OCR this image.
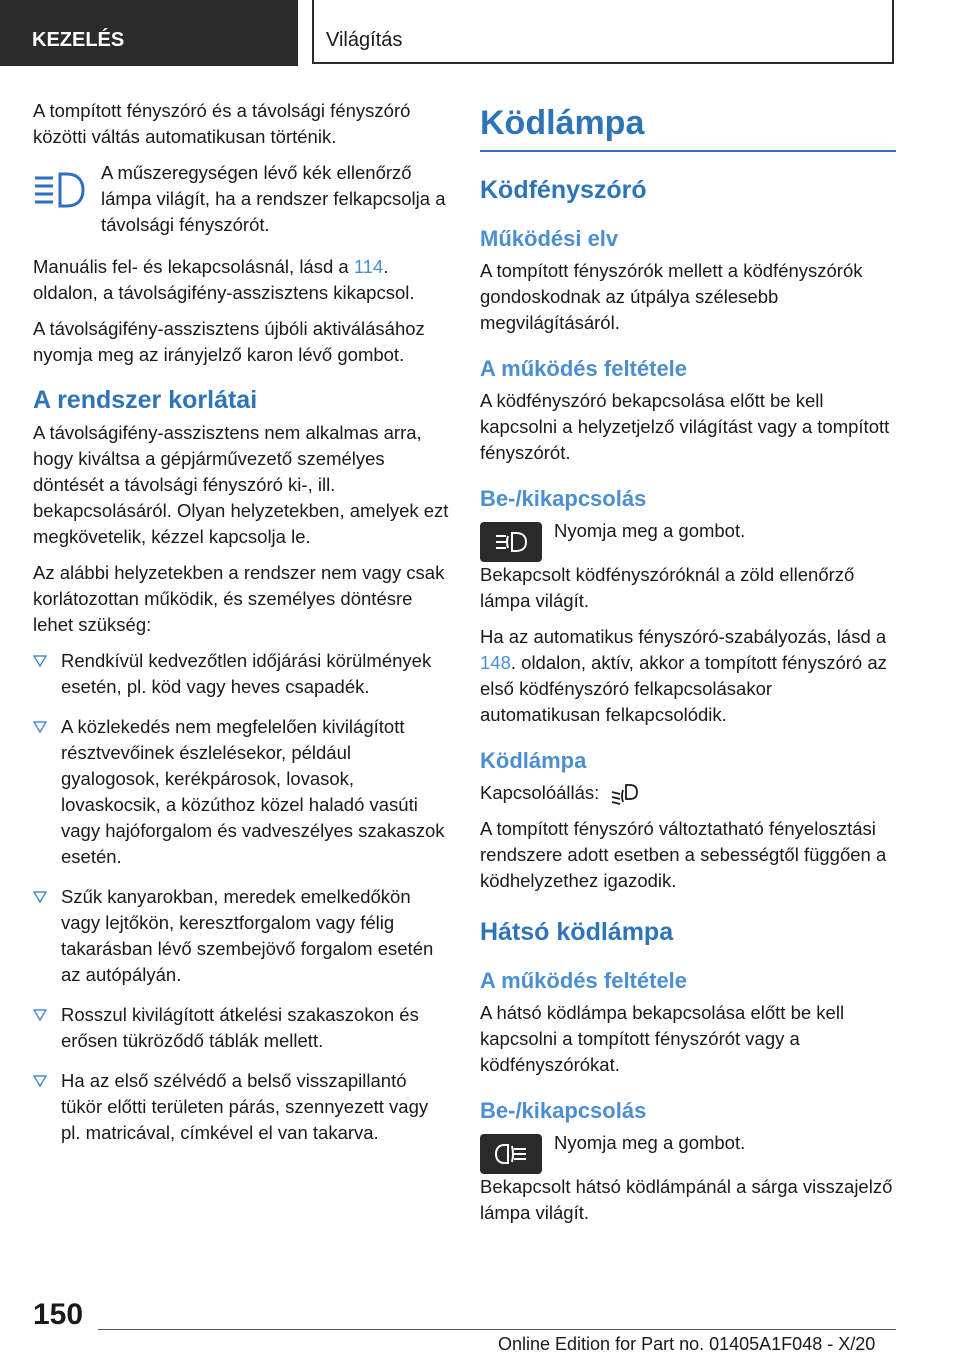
KEZELÉS	Világítás

A tompított fényszóró és a távolsági fényszóró közötti váltás automatikusan történik.

A műszeregységen lévő kék ellenőrző lámpa világít, ha a rendszer felkapcsolja a távolsági fényszórót.

Manuális fel- és lekapcsolásnál, lásd a 114. oldalon, a távolságifény-asszisztens kikapcsol.

A távolságifény-asszisztens újbóli aktiválásához nyomja meg az irányjelző karon lévő gombot.

A rendszer korlátai

A távolságifény-asszisztens nem alkalmas arra, hogy kiváltsa a gépjárművezető személyes döntését a távolsági fényszóró ki-, ill. bekapcsolásáról. Olyan helyzetekben, amelyek ezt megkövetelik, kézzel kapcsolja le.

Az alábbi helyzetekben a rendszer nem vagy csak korlátozottan működik, és személyes döntésre lehet szükség:

Rendkívül kedvezőtlen időjárási körülmények esetén, pl. köd vagy heves csapadék.
A közlekedés nem megfelelően kivilágított résztvevőinek észlelésekor, például gyalogosok, kerékpárosok, lovasok, lovaskocsik, a közúthoz közel haladó vasúti vagy hajóforgalom és vadveszélyes szakaszok esetén.
Szűk kanyarokban, meredek emelkedőkön vagy lejtőkön, keresztforgalom vagy félig takarásban lévő szembejövő forgalom esetén az autópályán.
Rosszul kivilágított átkelési szakaszokon és erősen tükröződő táblák mellett.
Ha az első szélvédő a belső visszapillantó tükör előtti területen párás, szennyezett vagy pl. matricával, címkével el van takarva.
Ködlámpa
Ködfényszóró
Működési elv

A tompított fényszórók mellett a ködfényszórók gondoskodnak az útpálya szélesebb megvilágításáról.

A működés feltétele

A ködfényszóró bekapcsolása előtt be kell kapcsolni a helyzetjelző világítást vagy a tompított fényszórót.

Be-/kikapcsolás

Nyomja meg a gombot.

Bekapcsolt ködfényszóróknál a zöld ellenőrző lámpa világít.

Ha az automatikus fényszóró-szabályozás, lásd a 148. oldalon, aktív, akkor a tompított fényszóró az első ködfényszóró felkapcsolásakor automatikusan felkapcsolódik.

Ködlámpa

Kapcsolóállás:

A tompított fényszóró változtatható fényelosztási rendszere adott esetben a sebességtől függően a ködhelyzethez igazodik.

Hátsó ködlámpa
A működés feltétele

A hátsó ködlámpa bekapcsolása előtt be kell kapcsolni a tompított fényszórót vagy a ködfényszórókat.

Be-/kikapcsolás

Nyomja meg a gombot.

Bekapcsolt hátsó ködlámpánál a sárga visszajelző lámpa világít.

150
Online Edition for Part no. 01405A1F048 - X/20
